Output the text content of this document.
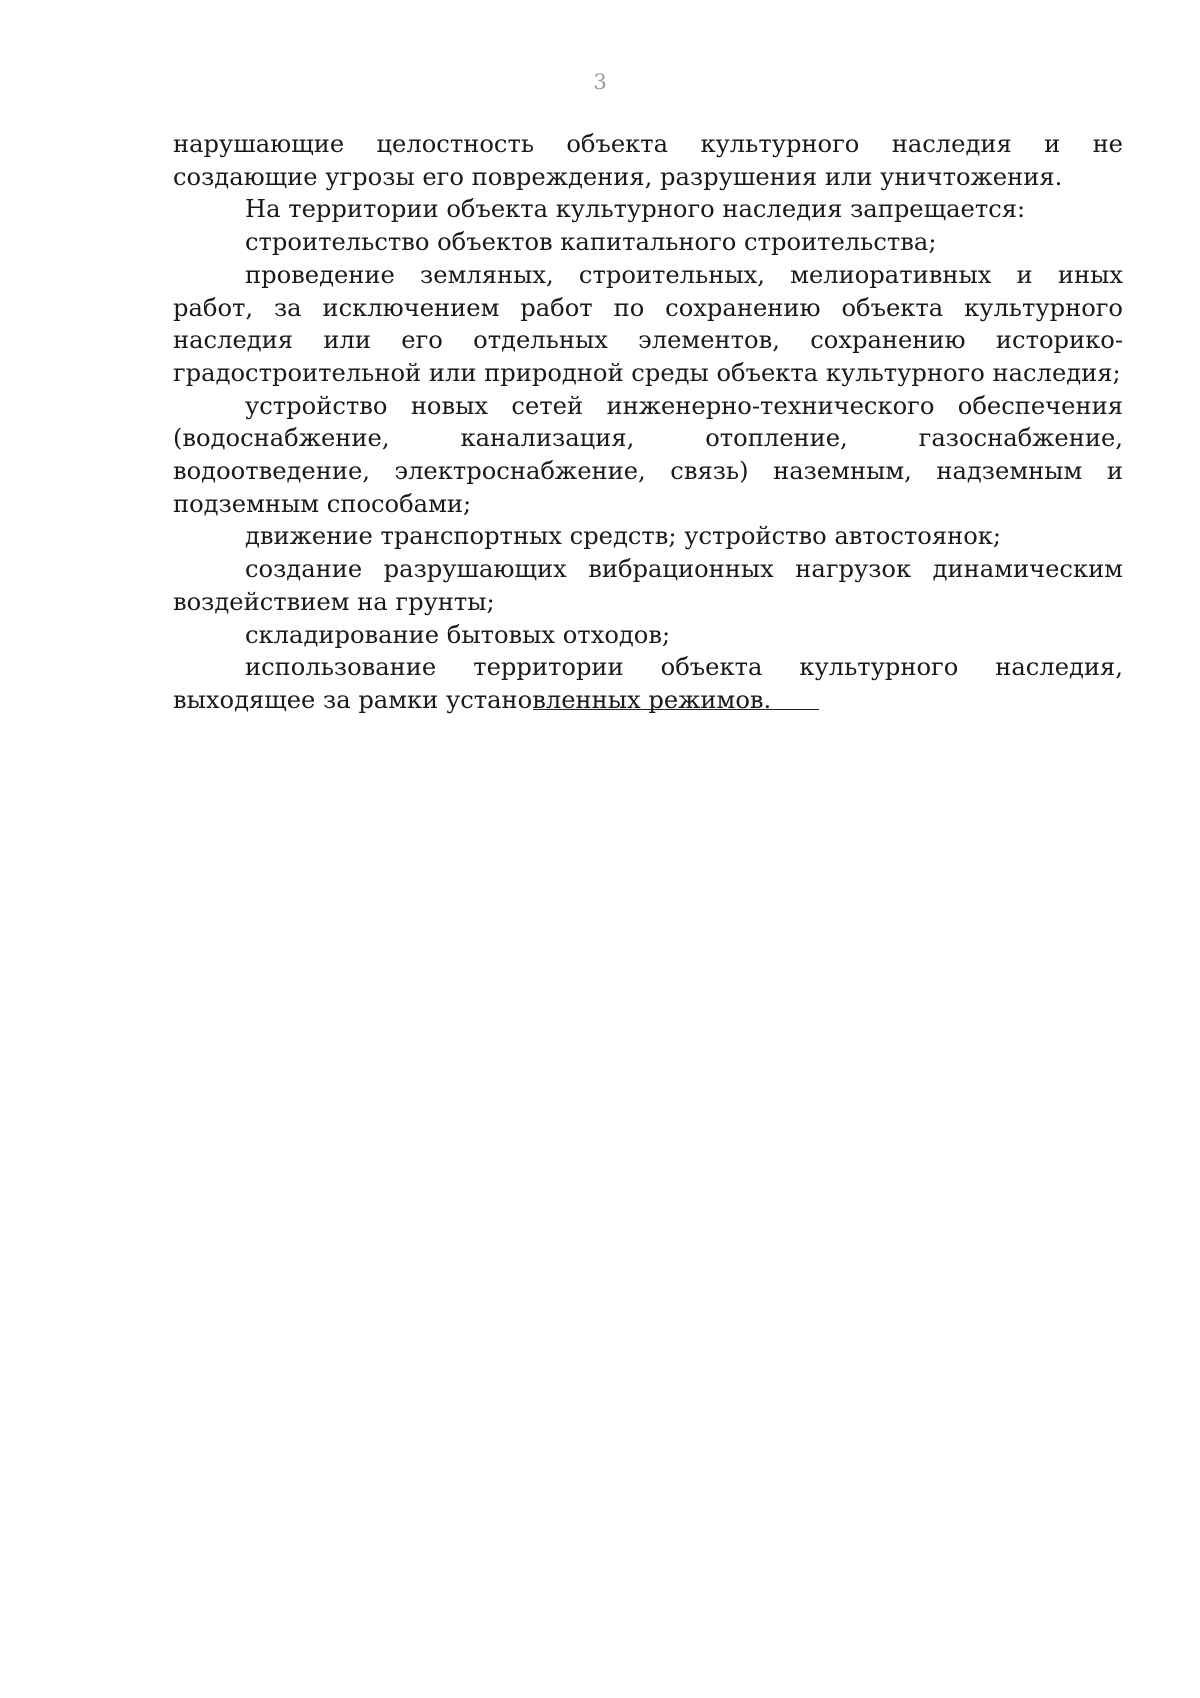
3

нарушающие целостность объекта культурного наследия и не создающие угрозы его повреждения, разрушения или уничтожения.

На территории объекта культурного наследия запрещается:

строительство объектов капитального строительства;

проведение земляных, строительных, мелиоративных и иных работ, за исключением работ по сохранению объекта культурного наследия или его отдельных элементов, сохранению историко-градостроительной или природной среды объекта культурного наследия;

устройство новых сетей инженерно-технического обеспечения (водоснабжение, канализация, отопление, газоснабжение, водоотведение, электроснабжение, связь) наземным, надземным и подземным способами;

движение транспортных средств; устройство автостоянок;

создание разрушающих вибрационных нагрузок динамическим воздействием на грунты;

складирование бытовых отходов;

использование территории объекта культурного наследия, выходящее за рамки установленных режимов.
